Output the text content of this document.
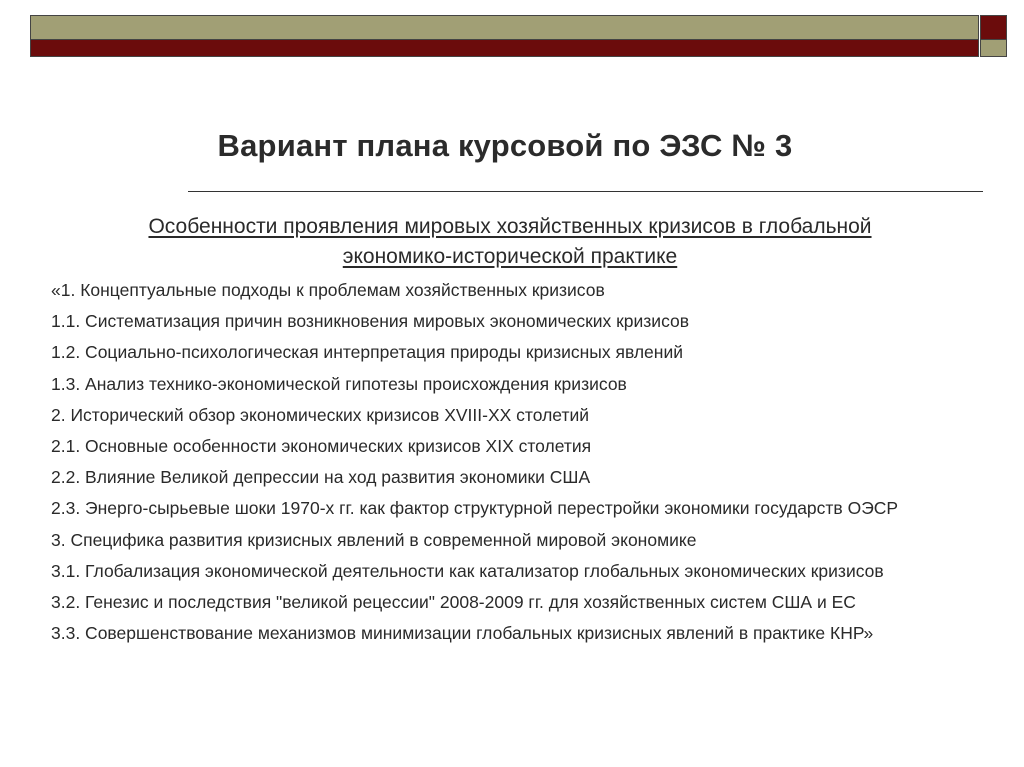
Вариант плана курсовой по ЭЗС № 3
Особенности проявления мировых хозяйственных кризисов в глобальной
экономико-исторической практике
«1. Концептуальные подходы к проблемам хозяйственных кризисов
1.1. Систематизация причин возникновения мировых экономических кризисов
1.2. Социально-психологическая интерпретация природы кризисных явлений
1.3. Анализ технико-экономической гипотезы происхождения кризисов
2. Исторический обзор экономических кризисов XVIII-XX столетий
2.1. Основные особенности экономических кризисов XIX столетия
2.2. Влияние Великой депрессии на ход развития экономики США
2.3. Энерго-сырьевые шоки 1970-х гг. как фактор структурной перестройки экономики государств ОЭСР
3. Специфика развития кризисных явлений в современной мировой экономике
3.1. Глобализация экономической деятельности как катализатор глобальных экономических кризисов
3.2. Генезис и последствия "великой рецессии" 2008-2009 гг. для хозяйственных систем США и ЕС
3.3. Совершенствование механизмов минимизации глобальных кризисных явлений в практике КНР»
